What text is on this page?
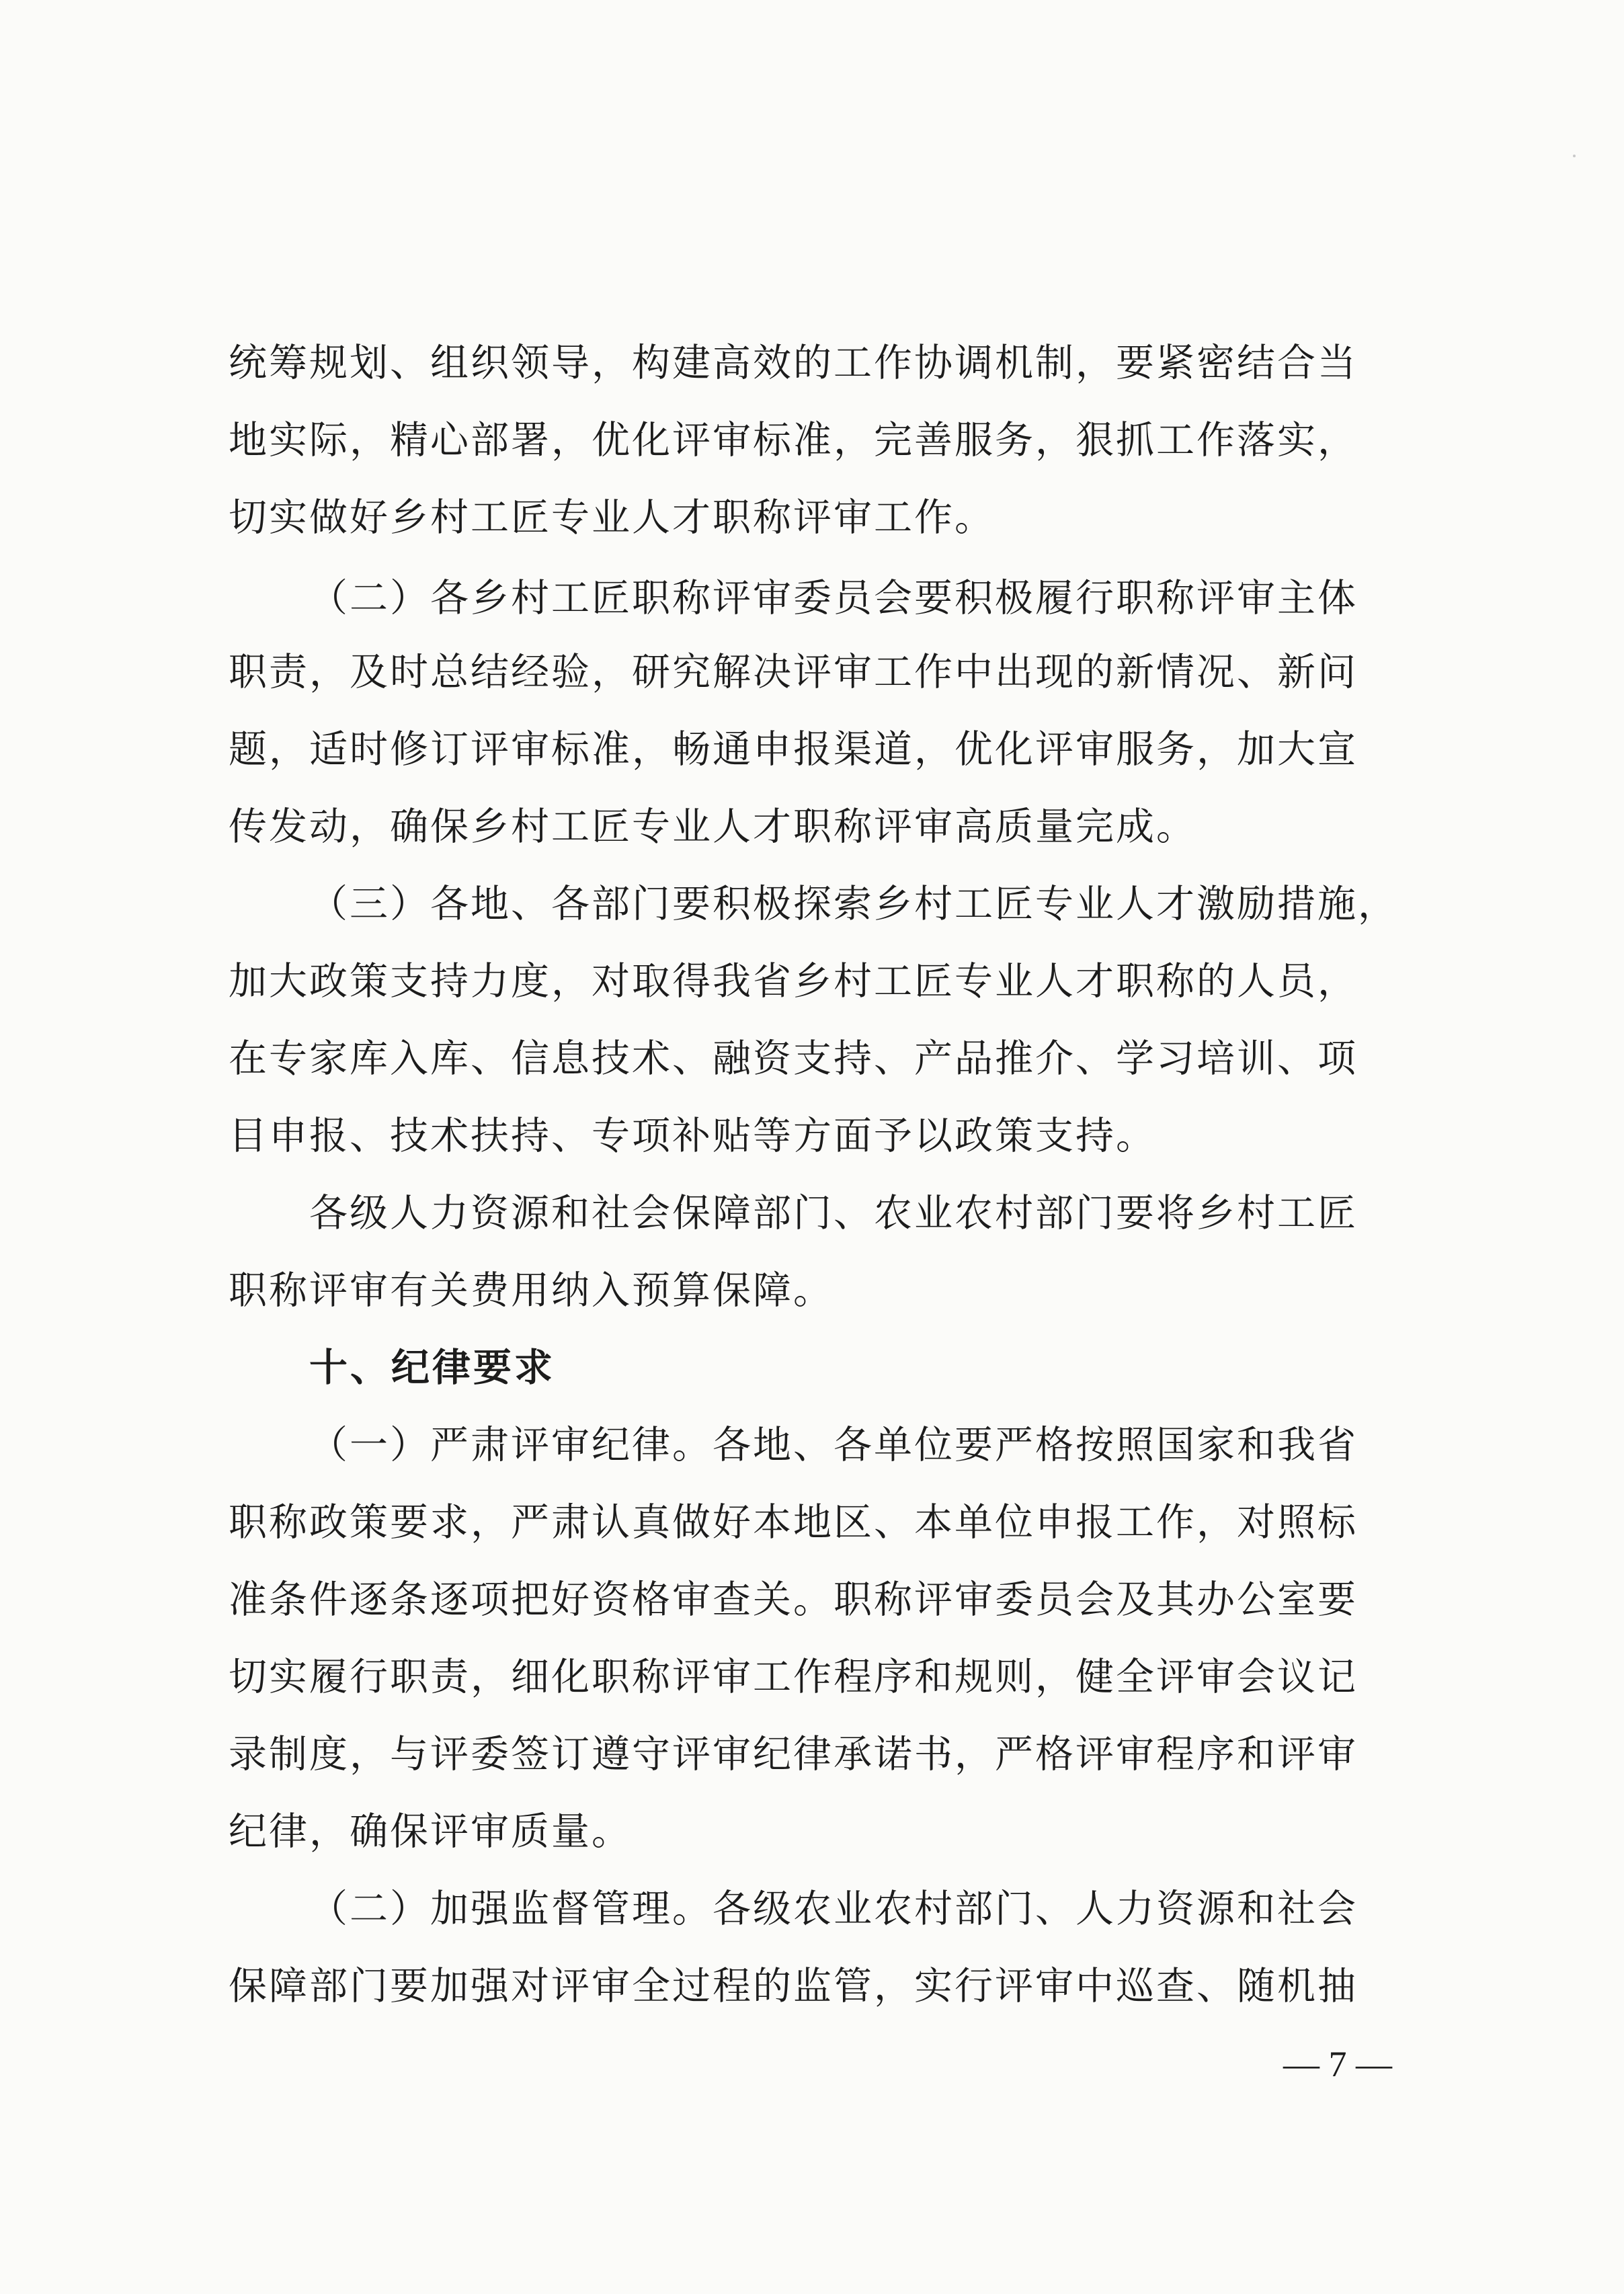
统筹规划、组织领导，构建高效的工作协调机制，要紧密结合当
地实际，精心部署，优化评审标准，完善服务，狠抓工作落实，
切实做好乡村工匠专业人才职称评审工作。
（二）各乡村工匠职称评审委员会要积极履行职称评审主体
职责，及时总结经验，研究解决评审工作中出现的新情况、新问
题，适时修订评审标准，畅通申报渠道，优化评审服务，加大宣
传发动，确保乡村工匠专业人才职称评审高质量完成。
（三）各地、各部门要积极探索乡村工匠专业人才激励措施，
加大政策支持力度，对取得我省乡村工匠专业人才职称的人员，
在专家库入库、信息技术、融资支持、产品推介、学习培训、项
目申报、技术扶持、专项补贴等方面予以政策支持。
各级人力资源和社会保障部门、农业农村部门要将乡村工匠
职称评审有关费用纳入预算保障。
十、纪律要求
（一）严肃评审纪律。各地、各单位要严格按照国家和我省
职称政策要求，严肃认真做好本地区、本单位申报工作，对照标
准条件逐条逐项把好资格审查关。职称评审委员会及其办公室要
切实履行职责，细化职称评审工作程序和规则，健全评审会议记
录制度，与评委签订遵守评审纪律承诺书，严格评审程序和评审
纪律，确保评审质量。
（二）加强监督管理。各级农业农村部门、人力资源和社会
保障部门要加强对评审全过程的监管，实行评审中巡查、随机抽
— 7 —
